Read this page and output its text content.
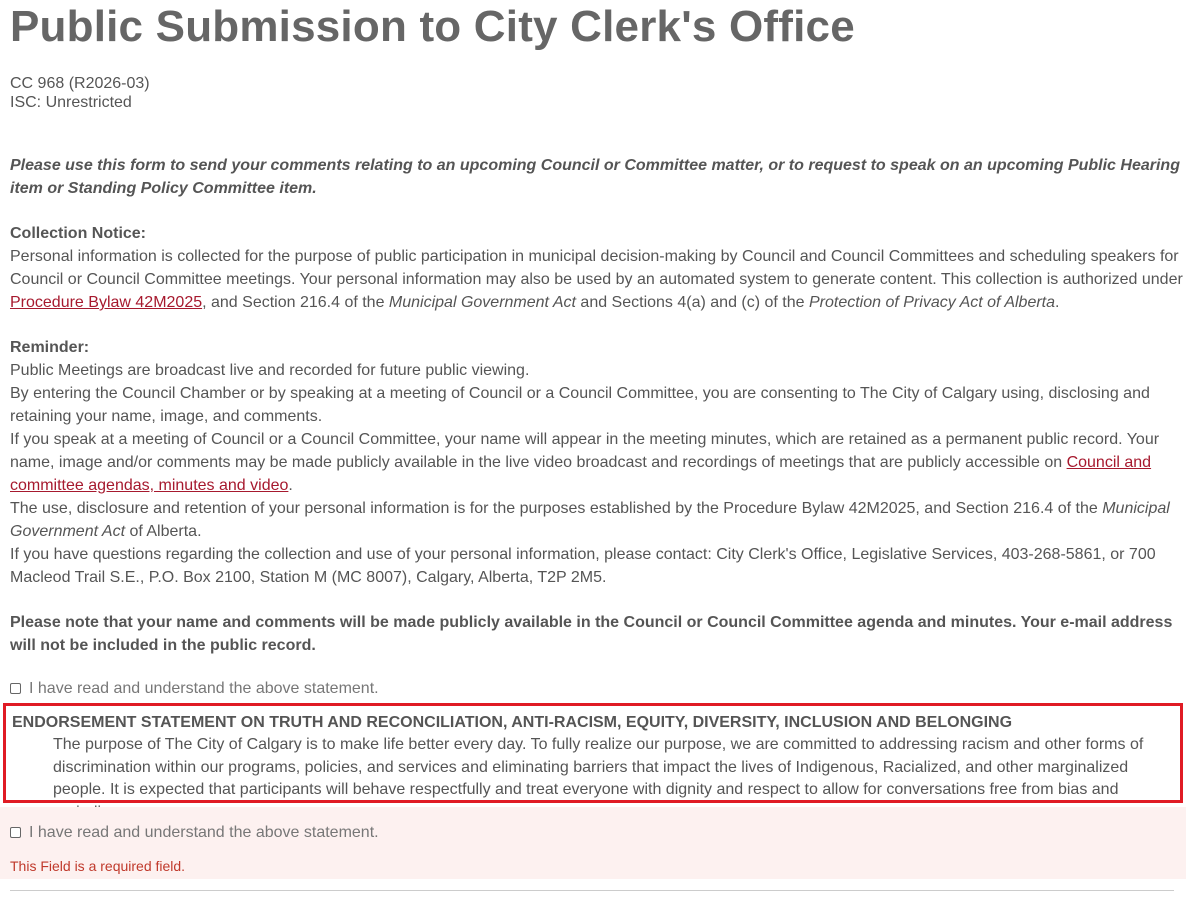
Public Submission to City Clerk's Office
CC 968 (R2026-03)
ISC: Unrestricted
Please use this form to send your comments relating to an upcoming Council or Committee matter, or to request to speak on an upcoming Public Hearing item or Standing Policy Committee item.
Collection Notice:
Personal information is collected for the purpose of public participation in municipal decision-making by Council and Council Committees and scheduling speakers for Council or Council Committee meetings. Your personal information may also be used by an automated system to generate content. This collection is authorized under Procedure Bylaw 42M2025, and Section 216.4 of the Municipal Government Act and Sections 4(a) and (c) of the Protection of Privacy Act of Alberta.
Reminder:
Public Meetings are broadcast live and recorded for future public viewing.
By entering the Council Chamber or by speaking at a meeting of Council or a Council Committee, you are consenting to The City of Calgary using, disclosing and retaining your name, image, and comments.
If you speak at a meeting of Council or a Council Committee, your name will appear in the meeting minutes, which are retained as a permanent public record. Your name, image and/or comments may be made publicly available in the live video broadcast and recordings of meetings that are publicly accessible on Council and committee agendas, minutes and video.
The use, disclosure and retention of your personal information is for the purposes established by the Procedure Bylaw 42M2025, and Section 216.4 of the Municipal Government Act of Alberta.
If you have questions regarding the collection and use of your personal information, please contact: City Clerk's Office, Legislative Services, 403-268-5861, or 700 Macleod Trail S.E., P.O. Box 2100, Station M (MC 8007), Calgary, Alberta, T2P 2M5.
Please note that your name and comments will be made publicly available in the Council or Council Committee agenda and minutes. Your e-mail address will not be included in the public record.
I have read and understand the above statement.
ENDORSEMENT STATEMENT ON TRUTH AND RECONCILIATION, ANTI-RACISM, EQUITY, DIVERSITY, INCLUSION AND BELONGING
The purpose of The City of Calgary is to make life better every day. To fully realize our purpose, we are committed to addressing racism and other forms of discrimination within our programs, policies, and services and eliminating barriers that impact the lives of Indigenous, Racialized, and other marginalized people. It is expected that participants will behave respectfully and treat everyone with dignity and respect to allow for conversations free from bias and
I have read and understand the above statement.
This Field is a required field.
